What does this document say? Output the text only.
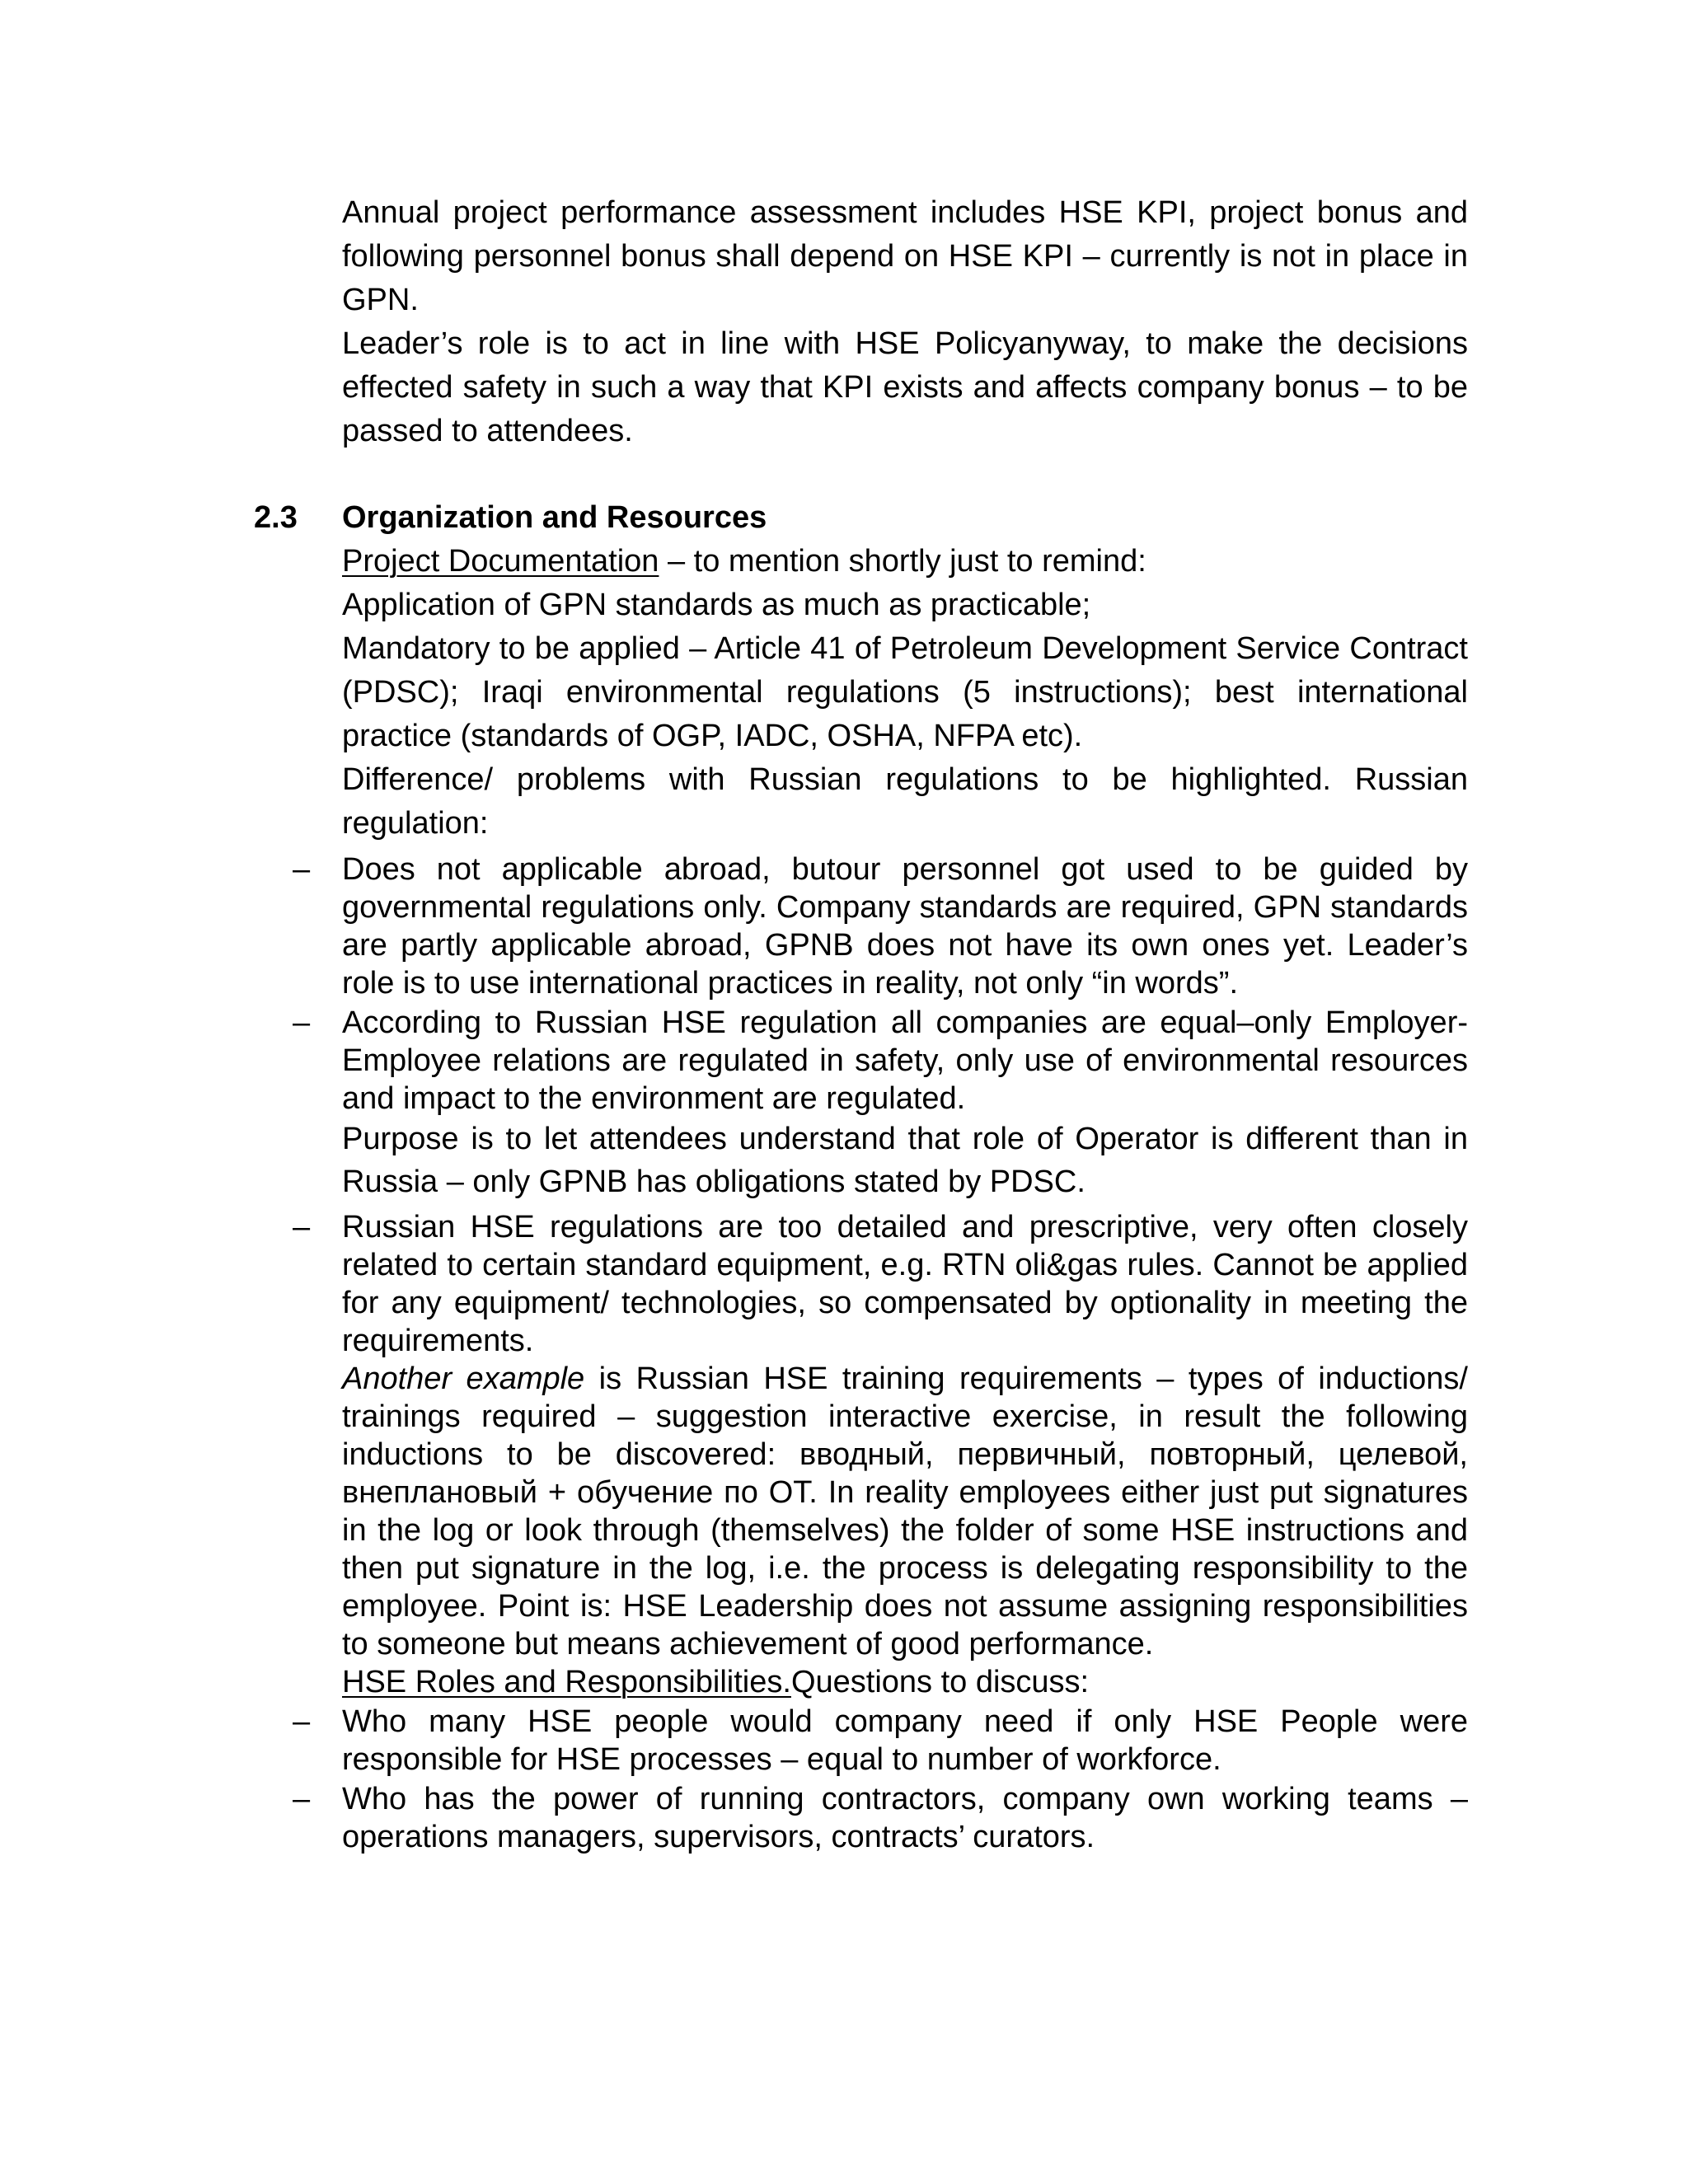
Annual project performance assessment includes HSE KPI, project bonus and following personnel bonus shall depend on HSE KPI – currently is not in place in GPN.

Leader’s role is to act in line with HSE Policyanyway, to make the decisions effected safety in such a way that KPI exists and affects company bonus – to be passed to attendees.

2.3 Organization and Resources

Project Documentation – to mention shortly just to remind:

Application of GPN standards as much as practicable;

Mandatory to be applied – Article 41 of Petroleum Development Service Contract (PDSC); Iraqi environmental regulations (5 instructions); best international practice (standards of OGP, IADC, OSHA, NFPA etc).

Difference/ problems with Russian regulations to be highlighted. Russian regulation:

– Does not applicable abroad, butour personnel got used to be guided by governmental regulations only. Company standards are required, GPN standards are partly applicable abroad, GPNB does not have its own ones yet. Leader’s role is to use international practices in reality, not only “in words”.

– According to Russian HSE regulation all companies are equal–only Employer-Employee relations are regulated in safety, only use of environmental resources and impact to the environment are regulated.

Purpose is to let attendees understand that role of Operator is different than in Russia – only GPNB has obligations stated by PDSC.

– Russian HSE regulations are too detailed and prescriptive, very often closely related to certain standard equipment, e.g. RTN oli&gas rules. Cannot be applied for any equipment/ technologies, so compensated by optionality in meeting the requirements.

Another example is Russian HSE training requirements – types of inductions/ trainings required – suggestion interactive exercise, in result the following inductions to be discovered: вводный, первичный, повторный, целевой, внеплановый + обучение по ОТ. In reality employees either just put signatures in the log or look through (themselves) the folder of some HSE instructions and then put signature in the log, i.e. the process is delegating responsibility to the employee. Point is: HSE Leadership does not assume assigning responsibilities to someone but means achievement of good performance.

HSE Roles and Responsibilities.Questions to discuss:

– Who many HSE people would company need if only HSE People were responsible for HSE processes – equal to number of workforce.

– Who has the power of running contractors, company own working teams – operations managers, supervisors, contracts’ curators.
